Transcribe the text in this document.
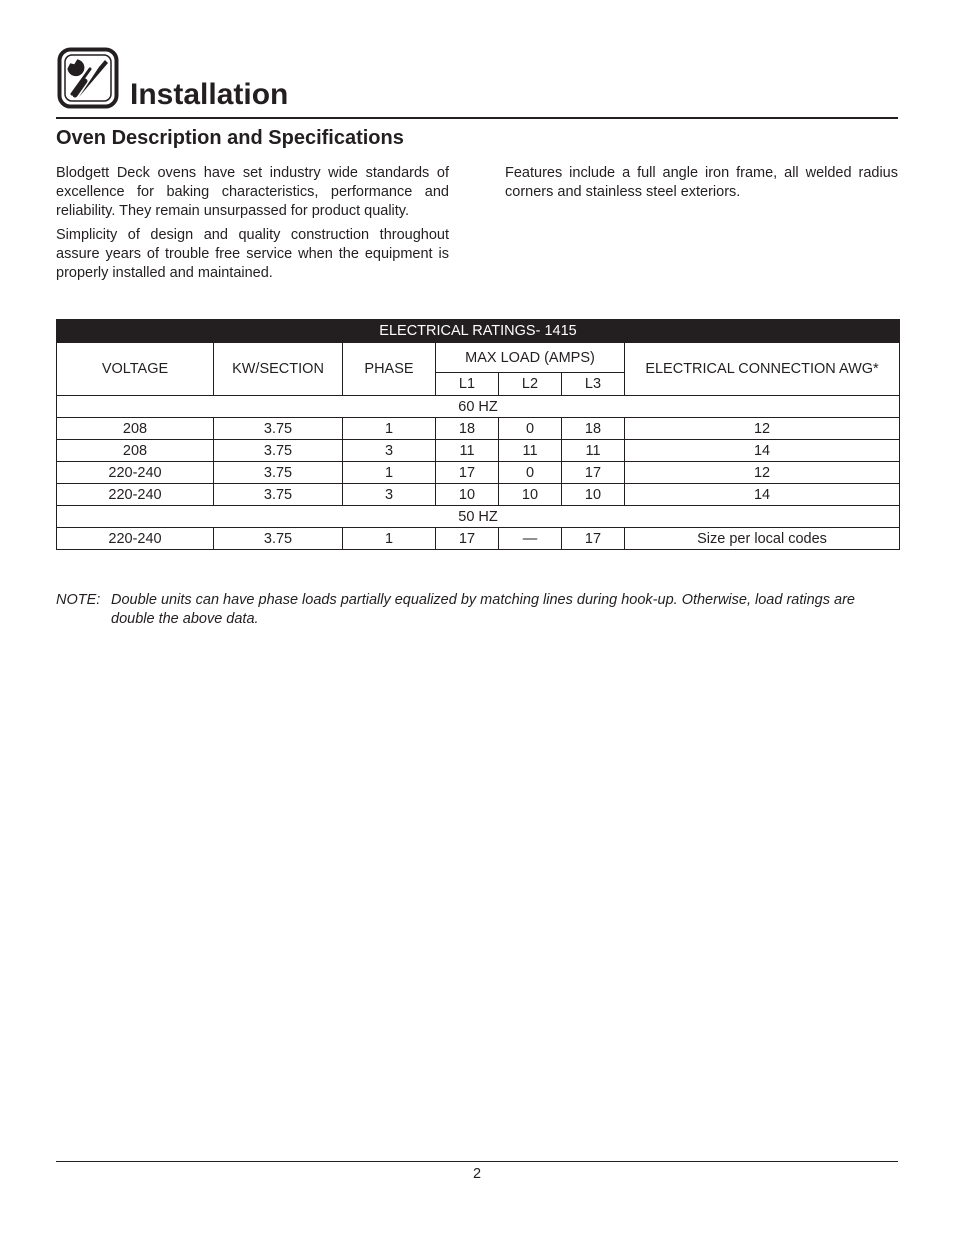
Installation
Oven Description and Specifications

Blodgett Deck ovens have set industry wide standards of excellence for baking characteristics, performance and reliability. They remain unsurpassed for product quality.

Simplicity of design and quality construction throughout assure years of trouble free service when the equipment is properly installed and maintained.

Features include a full angle iron frame, all welded radius corners and stainless steel exteriors.

ELECTRICAL RATINGS- 1415						
VOLTAGE	KW/SECTION	PHASE	MAX LOAD (AMPS)			ELECTRICAL CONNECTION AWG*
			L1	L2	L3	
60 HZ						
208	3.75	1	18	0	18	12
208	3.75	3	11	11	11	14
220-240	3.75	1	17	0	17	12
220-240	3.75	3	10	10	10	14
50 HZ						
220-240	3.75	1	17	—	17	Size per local codes
NOTE: Double units can have phase loads partially equalized by matching lines during hook-up. Otherwise, load ratings are double the above data.
2
